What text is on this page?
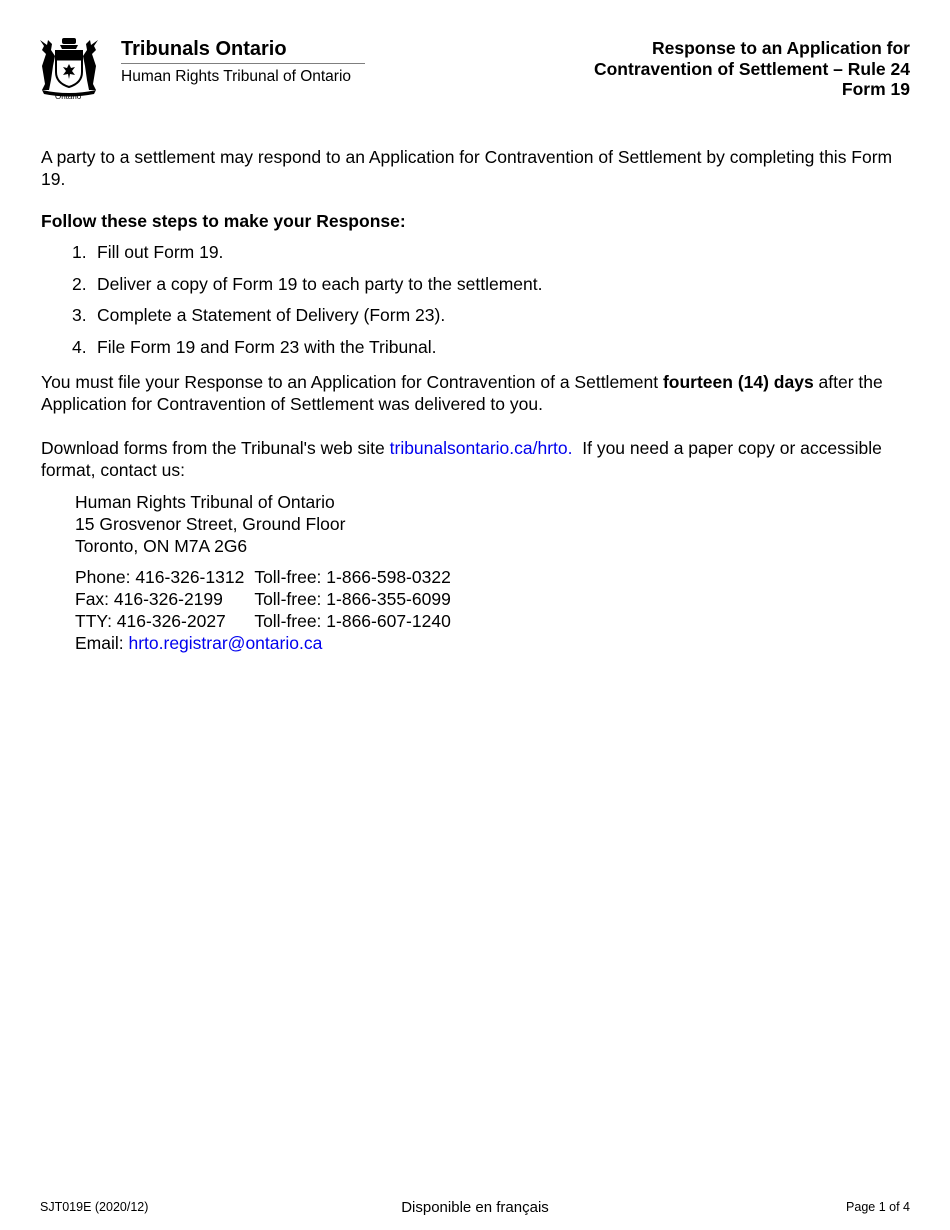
Ontario
Tribunals Ontario
Human Rights Tribunal of Ontario
Response to an Application for
Contravention of Settlement – Rule 24
Form 19

A party to a settlement may respond to an Application for Contravention of Settlement by completing this Form 19.

Follow these steps to make your Response:

1. Fill out Form 19.
2. Deliver a copy of Form 19 to each party to the settlement.
3. Complete a Statement of Delivery (Form 23).
4. File Form 19 and Form 23 with the Tribunal.

You must file your Response to an Application for Contravention of a Settlement fourteen (14) days after the Application for Contravention of Settlement was delivered to you.

Download forms from the Tribunal's web site tribunalsontario.ca/hrto.  If you need a paper copy or accessible format, contact us:

Human Rights Tribunal of Ontario
15 Grosvenor Street, Ground Floor
Toronto, ON M7A 2G6
Phone: 416-326-1312	Toll-free: 1-866-598-0322
Fax: 416-326-2199	Toll-free: 1-866-355-6099
TTY: 416-326-2027	Toll-free: 1-866-607-1240
Email: hrto.registrar@ontario.ca
SJT019E (2020/12)	Disponible en français	Page 1 of 4
